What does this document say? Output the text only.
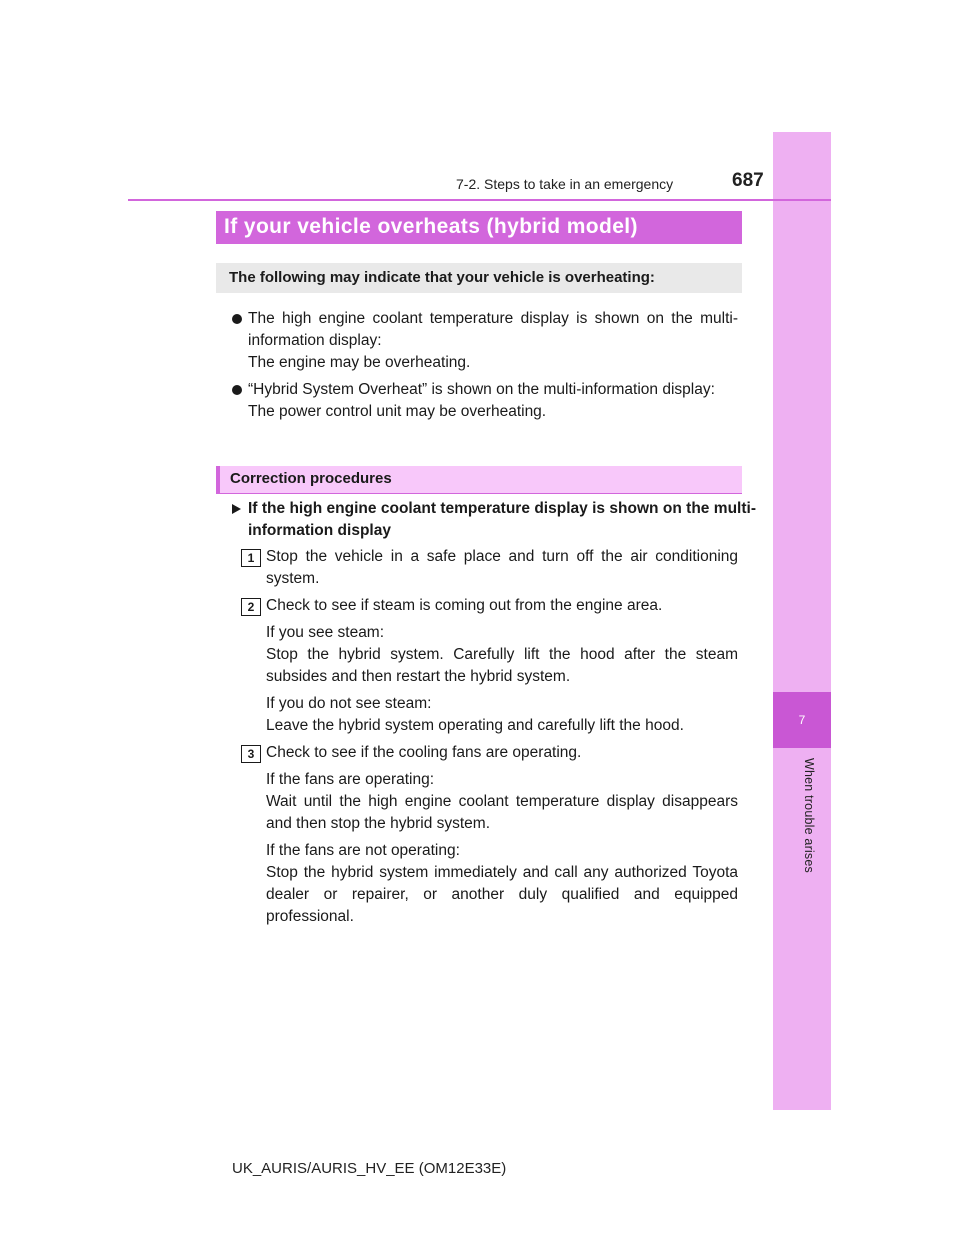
7
When trouble arises
7-2. Steps to take in an emergency	687
If your vehicle overheats (hybrid model)
The following may indicate that your vehicle is overheating:

The high engine coolant temperature display is shown on the multi-information display:

The engine may be overheating.

“Hybrid System Overheat” is shown on the multi-information display:

The power control unit may be overheating.

Correction procedures
If the high engine coolant temperature display is shown on the multi-information display
1 Stop the vehicle in a safe place and turn off the air conditioning system.

2 Check to see if steam is coming out from the engine area.

If you see steam:

Stop the hybrid system. Carefully lift the hood after the steam subsides and then restart the hybrid system.

If you do not see steam:

Leave the hybrid system operating and carefully lift the hood.

3 Check to see if the cooling fans are operating.

If the fans are operating:

Wait until the high engine coolant temperature display disappears and then stop the hybrid system.

If the fans are not operating:

Stop the hybrid system immediately and call any authorized Toyota dealer or repairer, or another duly qualified and equipped professional.

UK_AURIS/AURIS_HV_EE (OM12E33E)
